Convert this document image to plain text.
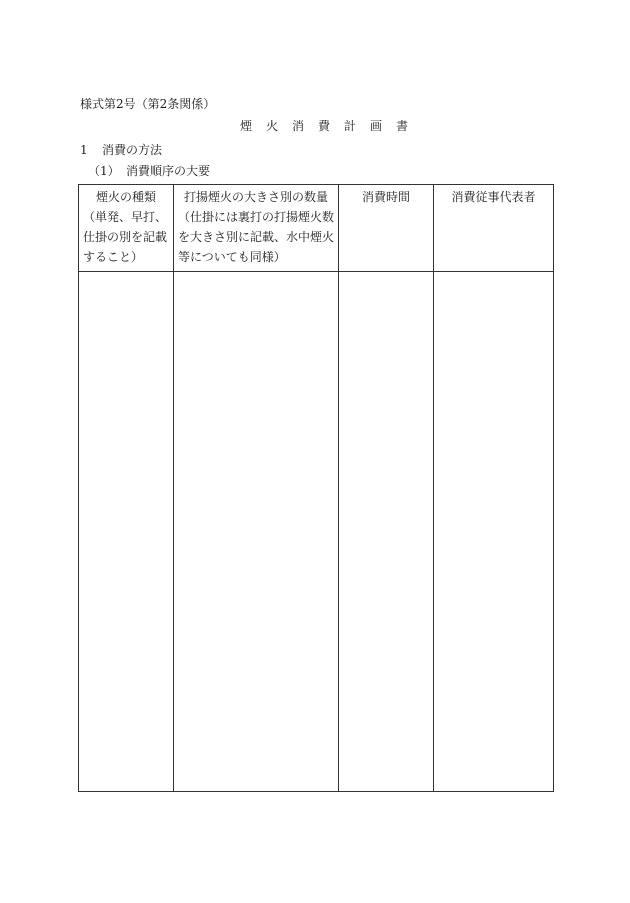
様式第2号（第2条関係）
煙 火 消 費 計 画 書
1 消費の方法
（1） 消費順序の大要
煙火の種類
（単発、早打、
仕掛の別を記載
すること）	打揚煙火の大きさ別の数量
（仕掛には裏打の打揚煙火数
を大きさ別に記載、水中煙火
等についても同様）	消費時間	消費従事代表者
